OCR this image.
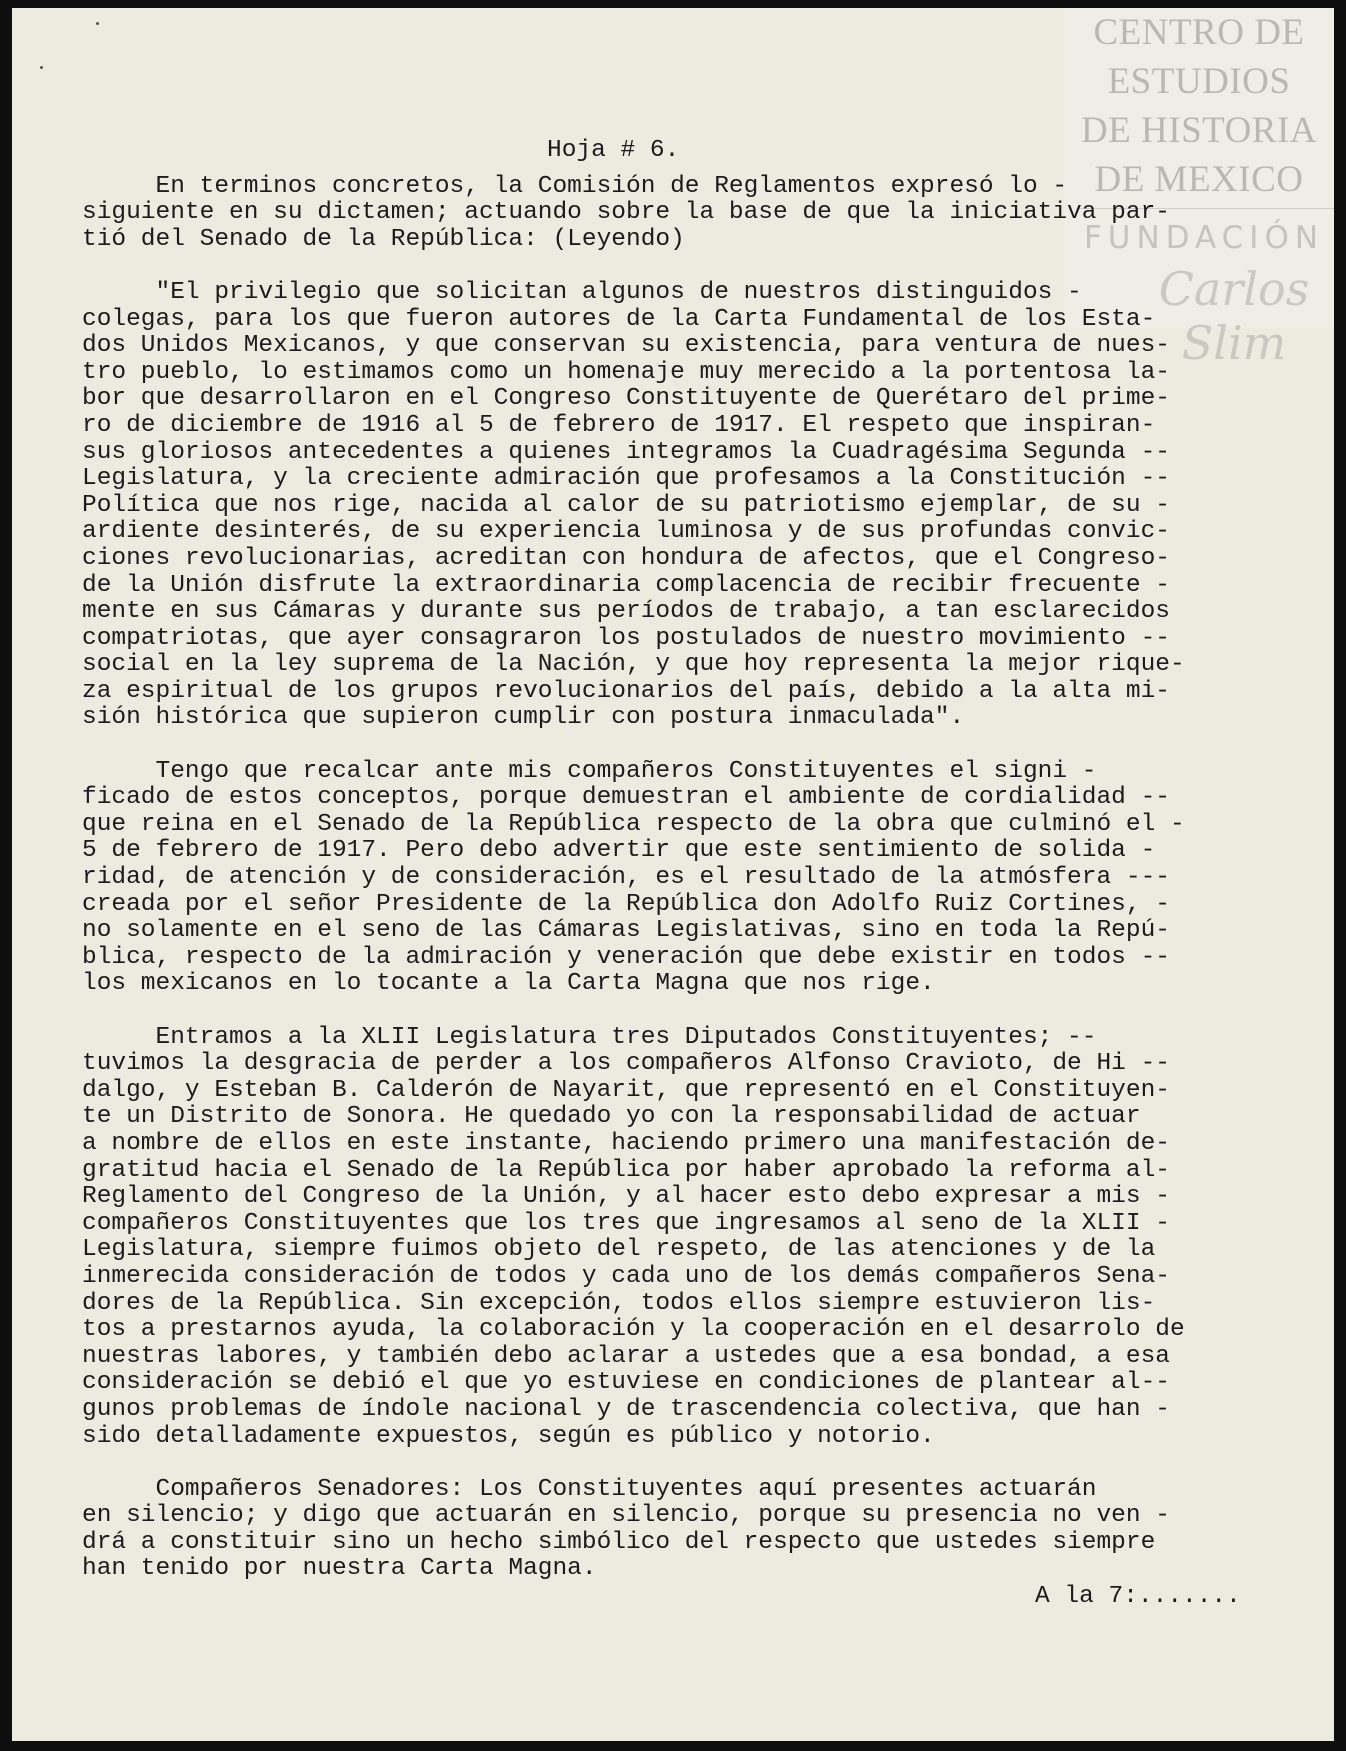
CENTRO DE
ESTUDIOS
DE HISTORIA
DE MEXICO
FUNDACIÓN
Carlos Slim
Hoja # 6.
En terminos concretos, la Comisión de Reglamentos expresó lo -
siguiente en su dictamen; actuando sobre la base de que la iniciativa par-
tió del Senado de la República: (Leyendo)
"El privilegio que solicitan algunos de nuestros distinguidos -
colegas, para los que fueron autores de la Carta Fundamental de los Esta-
dos Unidos Mexicanos, y que conservan su existencia, para ventura de nues-
tro pueblo, lo estimamos como un homenaje muy merecido a la portentosa la-
bor que desarrollaron en el Congreso Constituyente de Querétaro del prime-
ro de diciembre de 1916 al 5 de febrero de 1917. El respeto que inspiran-
sus gloriosos antecedentes a quienes integramos la Cuadragésima Segunda --
Legislatura, y la creciente admiración que profesamos a la Constitución --
Política que nos rige, nacida al calor de su patriotismo ejemplar, de su -
ardiente desinterés, de su experiencia luminosa y de sus profundas convic-
ciones revolucionarias, acreditan con hondura de afectos, que el Congreso-
de la Unión disfrute la extraordinaria complacencia de recibir frecuente -
mente en sus Cámaras y durante sus períodos de trabajo, a tan esclarecidos
compatriotas, que ayer consagraron los postulados de nuestro movimiento --
social en la ley suprema de la Nación, y que hoy representa la mejor rique-
za espiritual de los grupos revolucionarios del país, debido a la alta mi-
sión histórica que supieron cumplir con postura inmaculada".
Tengo que recalcar ante mis compañeros Constituyentes el signi -
ficado de estos conceptos, porque demuestran el ambiente de cordialidad --
que reina en el Senado de la República respecto de la obra que culminó el -
5 de febrero de 1917. Pero debo advertir que este sentimiento de solida -
ridad, de atención y de consideración, es el resultado de la atmósfera ---
creada por el señor Presidente de la República don Adolfo Ruiz Cortines, -
no solamente en el seno de las Cámaras Legislativas, sino en toda la Repú-
blica, respecto de la admiración y veneración que debe existir en todos --
los mexicanos en lo tocante a la Carta Magna que nos rige.
Entramos a la XLII Legislatura tres Diputados Constituyentes; --
tuvimos la desgracia de perder a los compañeros Alfonso Cravioto, de Hi --
dalgo, y Esteban B. Calderón de Nayarit, que representó en el Constituyen-
te un Distrito de Sonora. He quedado yo con la responsabilidad de actuar
a nombre de ellos en este instante, haciendo primero una manifestación de-
gratitud hacia el Senado de la República por haber aprobado la reforma al-
Reglamento del Congreso de la Unión, y al hacer esto debo expresar a mis -
compañeros Constituyentes que los tres que ingresamos al seno de la XLII -
Legislatura, siempre fuimos objeto del respeto, de las atenciones y de la
inmerecida consideración de todos y cada uno de los demás compañeros Sena-
dores de la República. Sin excepción, todos ellos siempre estuvieron lis-
tos a prestarnos ayuda, la colaboración y la cooperación en el desarrolo de
nuestras labores, y también debo aclarar a ustedes que a esa bondad, a esa
consideración se debió el que yo estuviese en condiciones de plantear al--
gunos problemas de índole nacional y de trascendencia colectiva, que han -
sido detalladamente expuestos, según es público y notorio.
Compañeros Senadores: Los Constituyentes aquí presentes actuarán
en silencio; y digo que actuarán en silencio, porque su presencia no ven -
drá a constituir sino un hecho simbólico del respecto que ustedes siempre
han tenido por nuestra Carta Magna.
A la 7:.......
